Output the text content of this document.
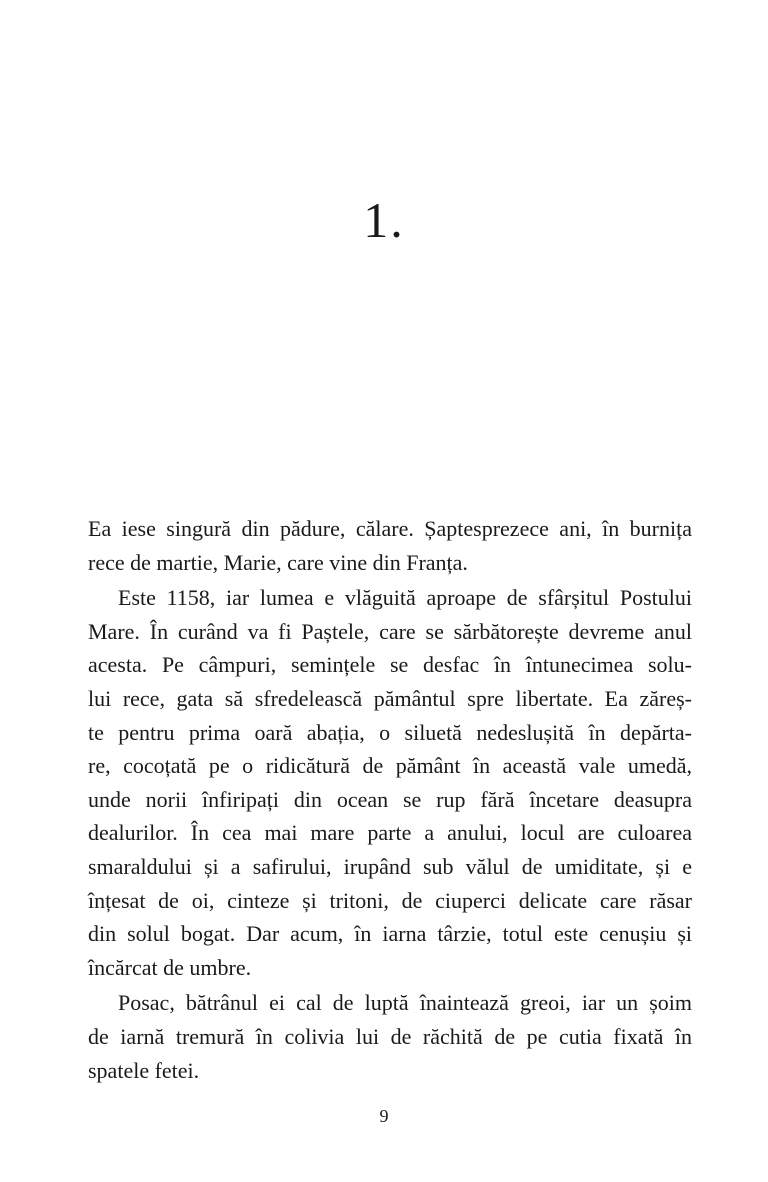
1.
Ea iese singură din pădure, călare. Șaptesprezece ani, în burnița
rece de martie, Marie, care vine din Franța.
Este 1158, iar lumea e vlăguită aproape de sfârșitul Postului
Mare. În curând va fi Paștele, care se sărbătorește devreme anul
acesta. Pe câmpuri, semințele se desfac în întunecimea solu-
lui rece, gata să sfredelească pământul spre libertate. Ea zăreș-
te pentru prima oară abația, o siluetă nedeslușită în depărta-
re, cocoțată pe o ridicătură de pământ în această vale umedă,
unde norii înfiripați din ocean se rup fără încetare deasupra
dealurilor. În cea mai mare parte a anului, locul are culoarea
smaraldului și a safirului, irupând sub vălul de umiditate, și e
înțesat de oi, cinteze și tritoni, de ciuperci delicate care răsar
din solul bogat. Dar acum, în iarna târzie, totul este cenușiu și
încărcat de umbre.
Posac, bătrânul ei cal de luptă înaintează greoi, iar un șoim
de iarnă tremură în colivia lui de răchită de pe cutia fixată în
spatele fetei.
9
